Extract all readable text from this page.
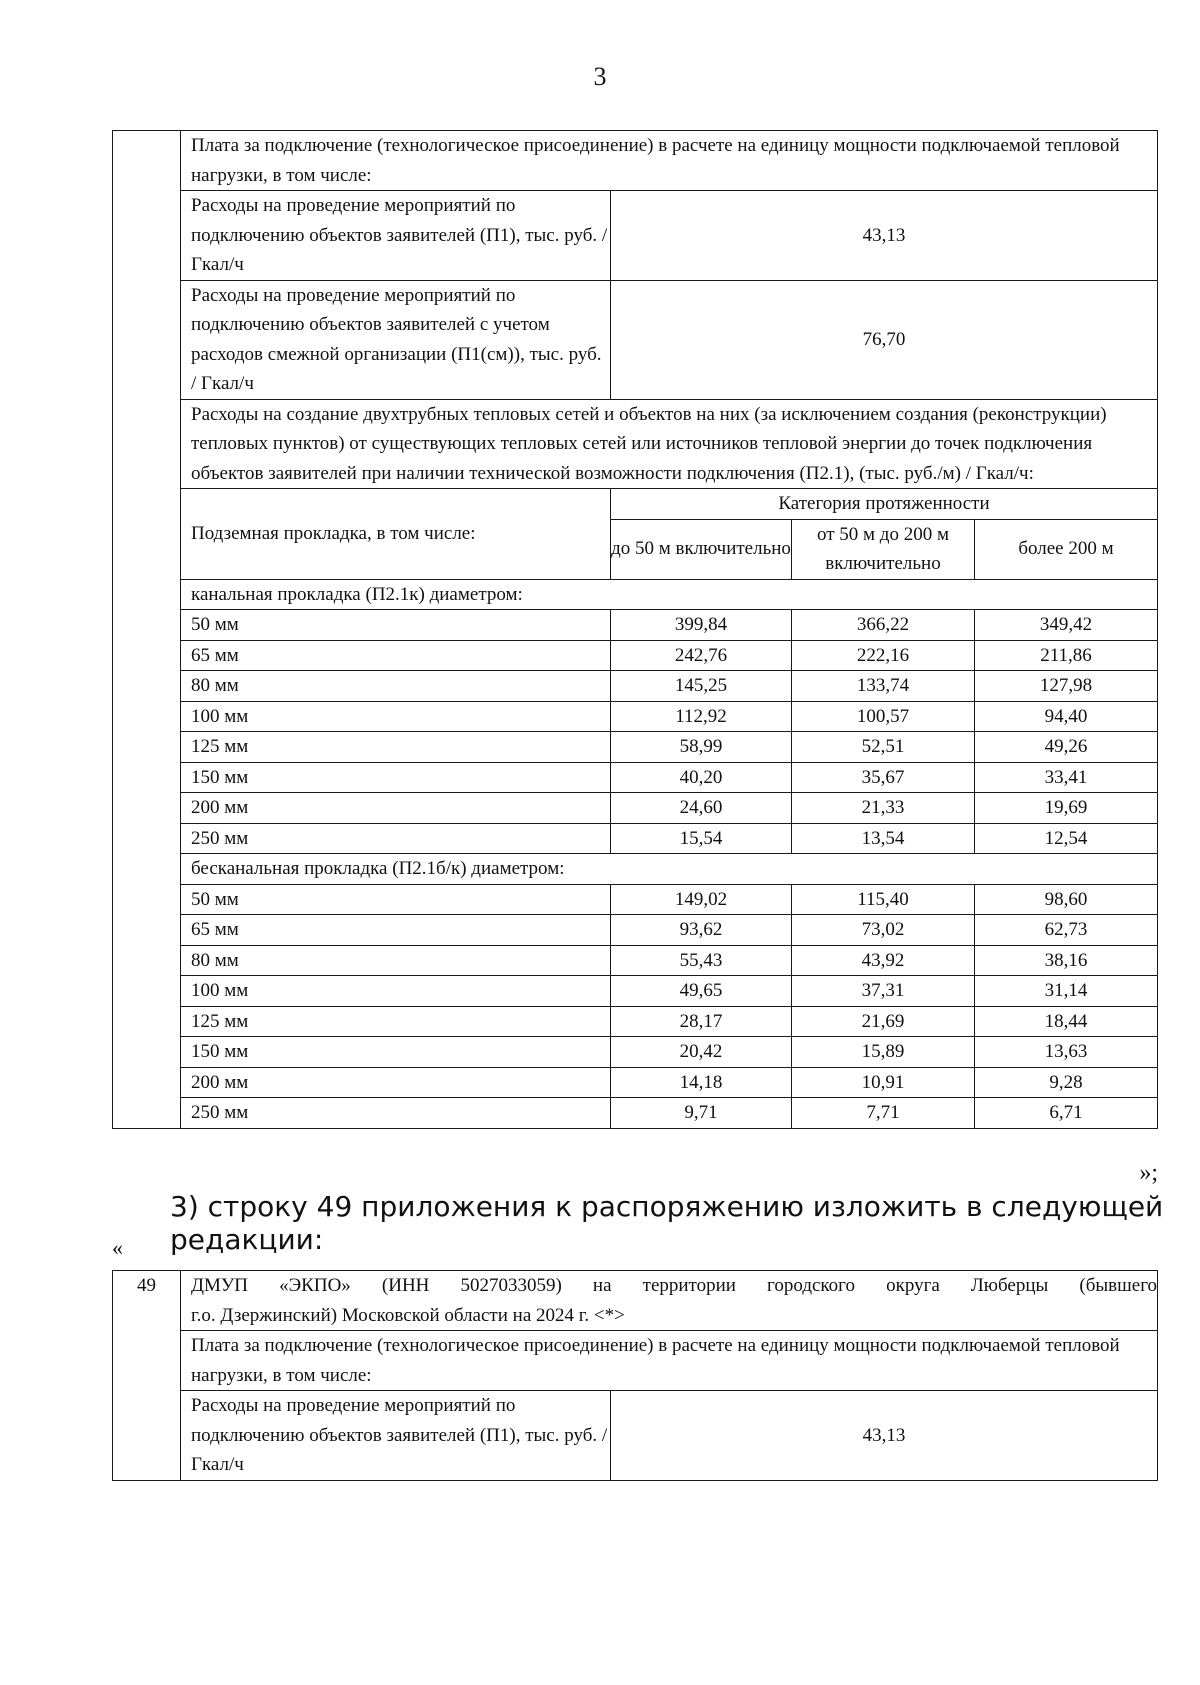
3
	Плата за подключение (технологическое присоединение) в расчете на единицу мощности подключаемой тепловой нагрузки, в том числе:			
	Расходы на проведение мероприятий по подключению объектов заявителей (П1), тыс. руб. / Гкал/ч	43,13		
	Расходы на проведение мероприятий по подключению объектов заявителей с учетом расходов смежной организации (П1(см)), тыс. руб. / Гкал/ч	76,70		
	Расходы на создание двухтрубных тепловых сетей и объектов на них (за исключением создания (реконструкции) тепловых пунктов) от существующих тепловых сетей или источников тепловой энергии до точек подключения объектов заявителей при наличии технической возможности подключения (П2.1), (тыс. руб./м) / Гкал/ч:			
	Подземная прокладка, в том числе:	Категория протяженности		
		до 50 м включительно	от 50 м до 200 м включительно	более 200 м
	канальная прокладка (П2.1к) диаметром:			
	50 мм	399,84	366,22	349,42
	65 мм	242,76	222,16	211,86
	80 мм	145,25	133,74	127,98
	100 мм	112,92	100,57	94,40
	125 мм	58,99	52,51	49,26
	150 мм	40,20	35,67	33,41
	200 мм	24,60	21,33	19,69
	250 мм	15,54	13,54	12,54
	бесканальная прокладка (П2.1б/к) диаметром:			
	50 мм	149,02	115,40	98,60
	65 мм	93,62	73,02	62,73
	80 мм	55,43	43,92	38,16
	100 мм	49,65	37,31	31,14
	125 мм	28,17	21,69	18,44
	150 мм	20,42	15,89	13,63
	200 мм	14,18	10,91	9,28
	250 мм	9,71	7,71	6,71
»;
3) строку 49 приложения к распоряжению изложить в следующей редакции:
«
49	ДМУП «ЭКПО» (ИНН 5027033059) на территории городского округа Люберцы (бывшего
г.о. Дзержинский) Московской области на 2024 г. <*>	

	Плата за подключение (технологическое присоединение) в расчете на единицу мощности подключаемой тепловой нагрузки, в том числе:	
	Расходы на проведение мероприятий по подключению объектов заявителей (П1), тыс. руб. / Гкал/ч	43,13
